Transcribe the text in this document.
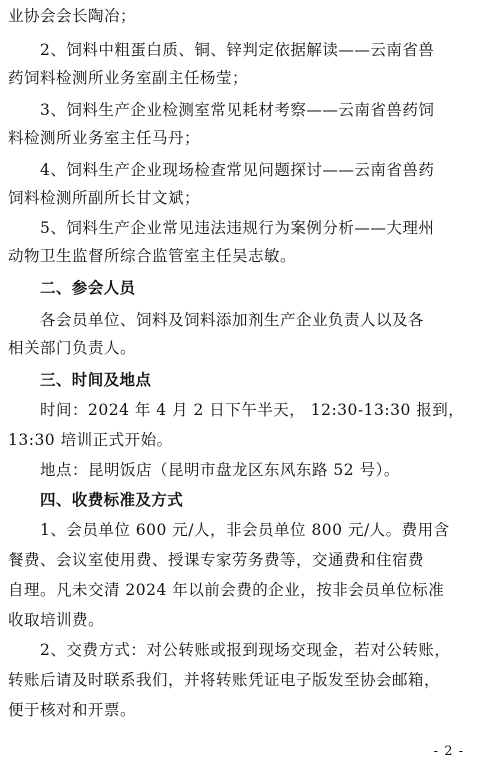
业协会会长陶冶；
2、饲料中粗蛋白质、铜、锌判定依据解读——云南省兽
药饲料检测所业务室副主任杨莹；
3、饲料生产企业检测室常见耗材考察——云南省兽药饲
料检测所业务室主任马丹；
4、饲料生产企业现场检查常见问题探讨——云南省兽药
饲料检测所副所长甘文斌；
5、饲料生产企业常见违法违规行为案例分析——大理州
动物卫生监督所综合监管室主任吴志敏。
二、参会人员
各会员单位、饲料及饲料添加剂生产企业负责人以及各
相关部门负责人。
三、时间及地点
时间：2024 年 4 月 2 日下午半天， 12:30-13:30 报到，
13:30 培训正式开始。
地点：昆明饭店（昆明市盘龙区东风东路 52 号）。
四、收费标准及方式
1、会员单位 600 元/人，非会员单位 800 元/人。费用含
餐费、会议室使用费、授课专家劳务费等，交通费和住宿费
自理。凡未交清 2024 年以前会费的企业，按非会员单位标准
收取培训费。
2、交费方式：对公转账或报到现场交现金，若对公转账，
转账后请及时联系我们，并将转账凭证电子版发至协会邮箱，
便于核对和开票。
- 2 -
